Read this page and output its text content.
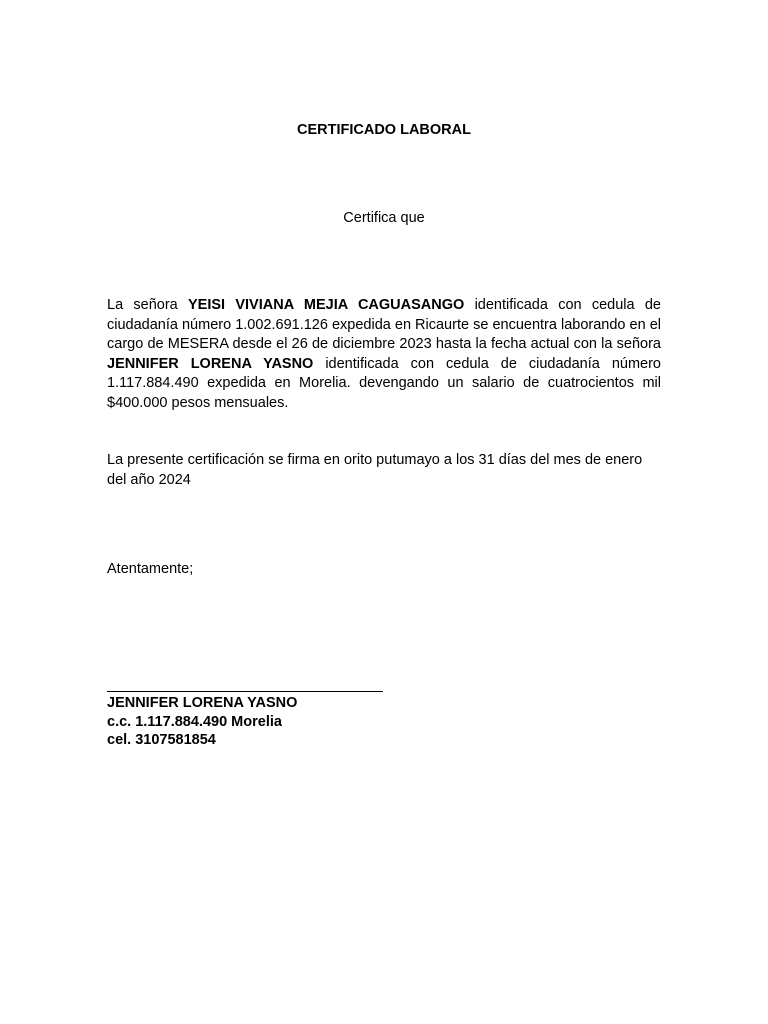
CERTIFICADO LABORAL
Certifica que
La señora YEISI VIVIANA MEJIA CAGUASANGO identificada con cedula de ciudadanía número 1.002.691.126 expedida en Ricaurte se encuentra laborando en el cargo de MESERA desde el 26 de diciembre 2023 hasta la fecha actual con la señora JENNIFER LORENA YASNO identificada con cedula de ciudadanía número 1.117.884.490 expedida en Morelia. devengando un salario de cuatrocientos mil $400.000 pesos mensuales.
La presente certificación se firma en orito putumayo a los 31 días del mes de enero del año 2024
Atentamente;
JENNIFER LORENA YASNO
c.c. 1.117.884.490 Morelia
cel. 3107581854
